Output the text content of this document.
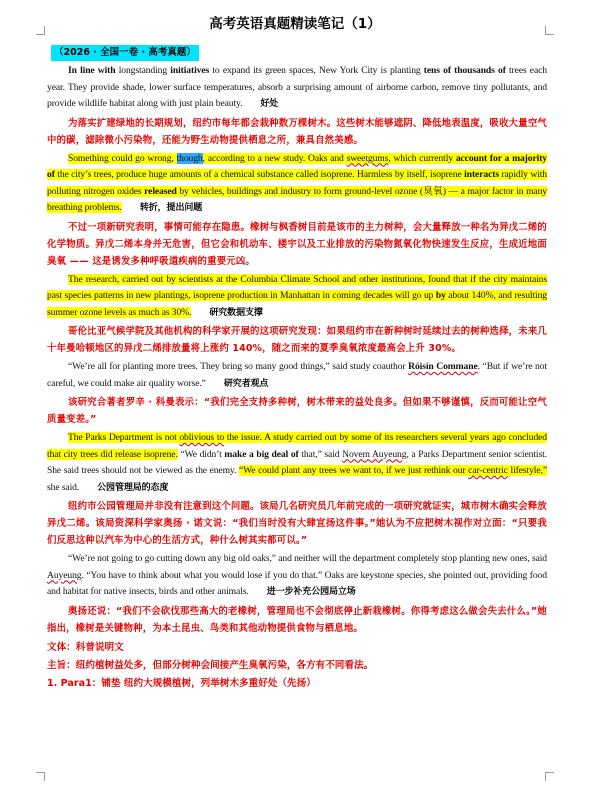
高考英语真题精读笔记（1）
（2026 · 全国一卷 · 高考真题）

In line with longstanding initiatives to expand its green spaces, New York City is planting tens of thousands of trees each year. They provide shade, lower surface temperatures, absorb a surprising amount of airborne carbon, remove tiny pollutants, and provide wildlife habitat along with just plain beauty. 好处

为落实扩建绿地的长期规划，纽约市每年都会栽种数万棵树木。这些树木能够遮阴、降低地表温度，吸收大量空气中的碳，滤除微小污染物，还能为野生动物提供栖息之所，兼具自然美感。

Something could go wrong, though, according to a new study. Oaks and sweetgums, which currently account for a majority of the city’s trees, produce huge amounts of a chemical substance called isoprene. Harmless by itself, isoprene interacts rapidly with polluting nitrogen oxides released by vehicles, buildings and industry to form ground-level ozone (臭氧) — a major factor in many breathing problems. 转折，提出问题

不过一项新研究表明，事情可能存在隐患。橡树与枫香树目前是该市的主力树种，会大量释放一种名为异戊二烯的化学物质。异戊二烯本身并无危害，但它会和机动车、楼宇以及工业排放的污染物氮氧化物快速发生反应，生成近地面臭氧 —— 这是诱发多种呼吸道疾病的重要元凶。

The research, carried out by scientists at the Columbia Climate School and other institutions, found that if the city maintains past species patterns in new plantings, isoprene production in Manhattan in coming decades will go up by about 140%, and resulting summer ozone levels as much as 30%. 研究数据支撑

哥伦比亚气候学院及其他机构的科学家开展的这项研究发现：如果纽约市在新种树时延续过去的树种选择，未来几十年曼哈顿地区的异戊二烯排放量将上涨约 140%，随之而来的夏季臭氧浓度最高会上升 30%。

“We’re all for planting more trees. They bring so many good things,” said study coauthor Róisín Commane. “But if we’re not careful, we could make air quality worse.” 研究者观点

该研究合著者罗辛 · 科曼表示：“我们完全支持多种树，树木带来的益处良多。但如果不够谨慎，反而可能让空气质量变差。”

The Parks Department is not oblivious to the issue. A study carried out by some of its researchers several years ago concluded that city trees did release isoprene. “We didn’t make a big deal of that,” said Novem Auyeung, a Parks Department senior scientist. She said trees should not be viewed as the enemy. “We could plant any trees we want to, if we just rethink our car-centric lifestyle,” she said. 公园管理局的态度

纽约市公园管理局并非没有注意到这个问题。该局几名研究员几年前完成的一项研究就证实，城市树木确实会释放异戊二烯。该局资深科学家奥扬 · 诺文说：“我们当时没有大肆宣扬这件事。”她认为不应把树木视作对立面：“只要我们反思这种以汽车为中心的生活方式，种什么树其实都可以。”

“We’re not going to go cutting down any big old oaks,” and neither will the department completely stop planting new ones, said Auyeung. “You have to think about what you would lose if you do that.” Oaks are keystone species, she pointed out, providing food and habitat for native insects, birds and other animals. 进一步补充公园局立场

奥扬还说：“我们不会砍伐那些高大的老橡树，管理局也不会彻底停止新栽橡树。你得考虑这么做会失去什么。”她指出，橡树是关键物种，为本土昆虫、鸟类和其他动物提供食物与栖息地。

文体：科普说明文

主旨：纽约植树益处多，但部分树种会间接产生臭氧污染，各方有不同看法。

1. Para1：铺垫 纽约大规模植树，列举树木多重好处（先扬）
